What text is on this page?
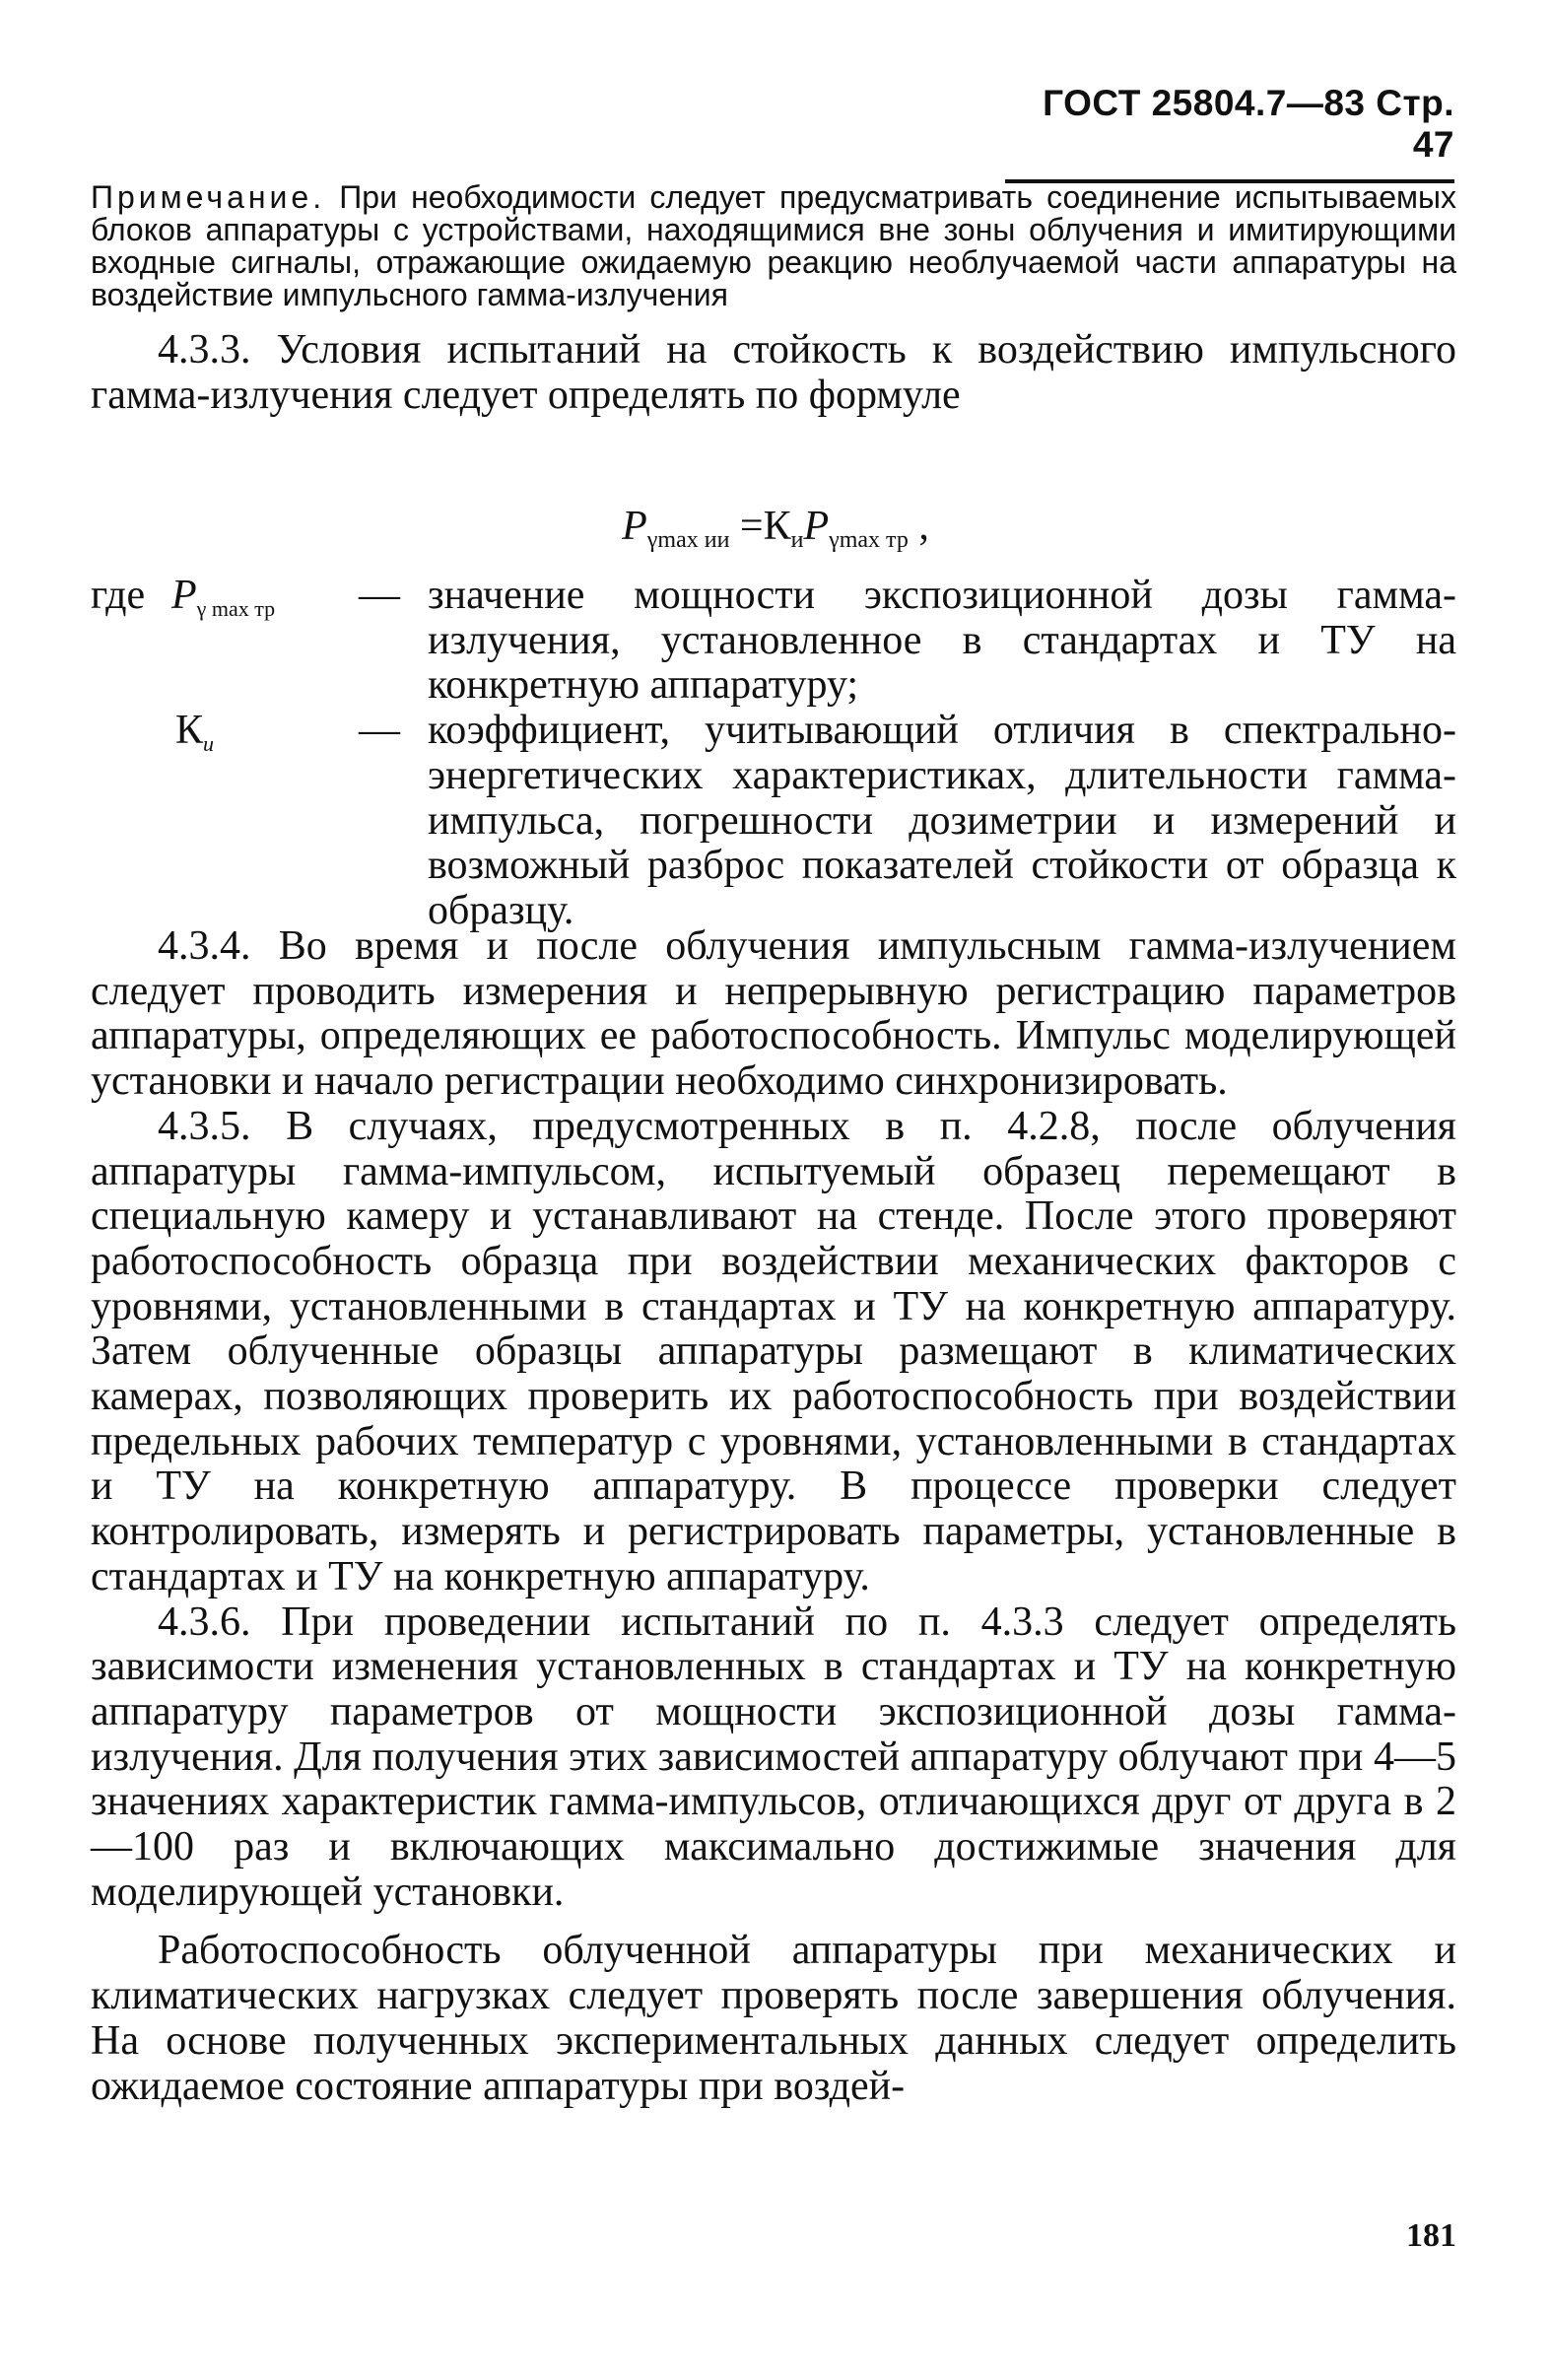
ГОСТ 25804.7—83 Стр. 47
Примечание. При необходимости следует предусматривать соединение испытываемых блоков аппаратуры с устройствами, находящимися вне зоны облучения и имитирующими входные сигналы, отражающие ожидаемую реакцию необлучаемой части аппаратуры на воздействие импульсного гамма-излучения

4.3.3. Условия испытаний на стойкость к воздействию импульсного гамма-излучения следует определять по формуле

Pγmax ии =КиPγmax тр ,
где Pγ max тр — значение мощности экспозиционной дозы гамма-излучения, установленное в стандартах и ТУ на конкретную аппаратуру;
Ки	— коэффициент, учитывающий отличия в спектрально-энергетических характеристиках, длительности гамма-импульса, погрешности дозиметрии и измерений и возможный разброс показателей стойкости от образца к образцу.

4.3.4. Во время и после облучения импульсным гамма-излучением следует проводить измерения и непрерывную регистрацию параметров аппаратуры, определяющих ее работоспособность. Импульс моделирующей установки и начало регистрации необходимо синхронизировать.

4.3.5. В случаях, предусмотренных в п. 4.2.8, после облучения аппаратуры гамма-импульсом, испытуемый образец перемещают в специальную камеру и устанавливают на стенде. После этого проверяют работоспособность образца при воздействии механических факторов с уровнями, установленными в стандартах и ТУ на конкретную аппаратуру. Затем облученные образцы аппаратуры размещают в климатических камерах, позволяющих проверить их работоспособность при воздействии предельных рабочих температур с уровнями, установленными в стандартах и ТУ на конкретную аппаратуру. В процессе проверки следует контролировать, измерять и регистрировать параметры, установленные в стандартах и ТУ на конкретную аппаратуру.

4.3.6. При проведении испытаний по п. 4.3.3 следует определять зависимости изменения установленных в стандартах и ТУ на конкретную аппаратуру параметров от мощности экспозиционной дозы гамма-излучения. Для получения этих зависимостей аппаратуру облучают при 4—5 значениях характеристик гамма-импульсов, отличающихся друг от друга в 2—100 раз и включающих максимально достижимые значения для моделирующей установки.

Работоспособность облученной аппаратуры при механических и климатических нагрузках следует проверять после завершения облучения. На основе полученных экспериментальных данных следует определить ожидаемое состояние аппаратуры при воздей-

181
